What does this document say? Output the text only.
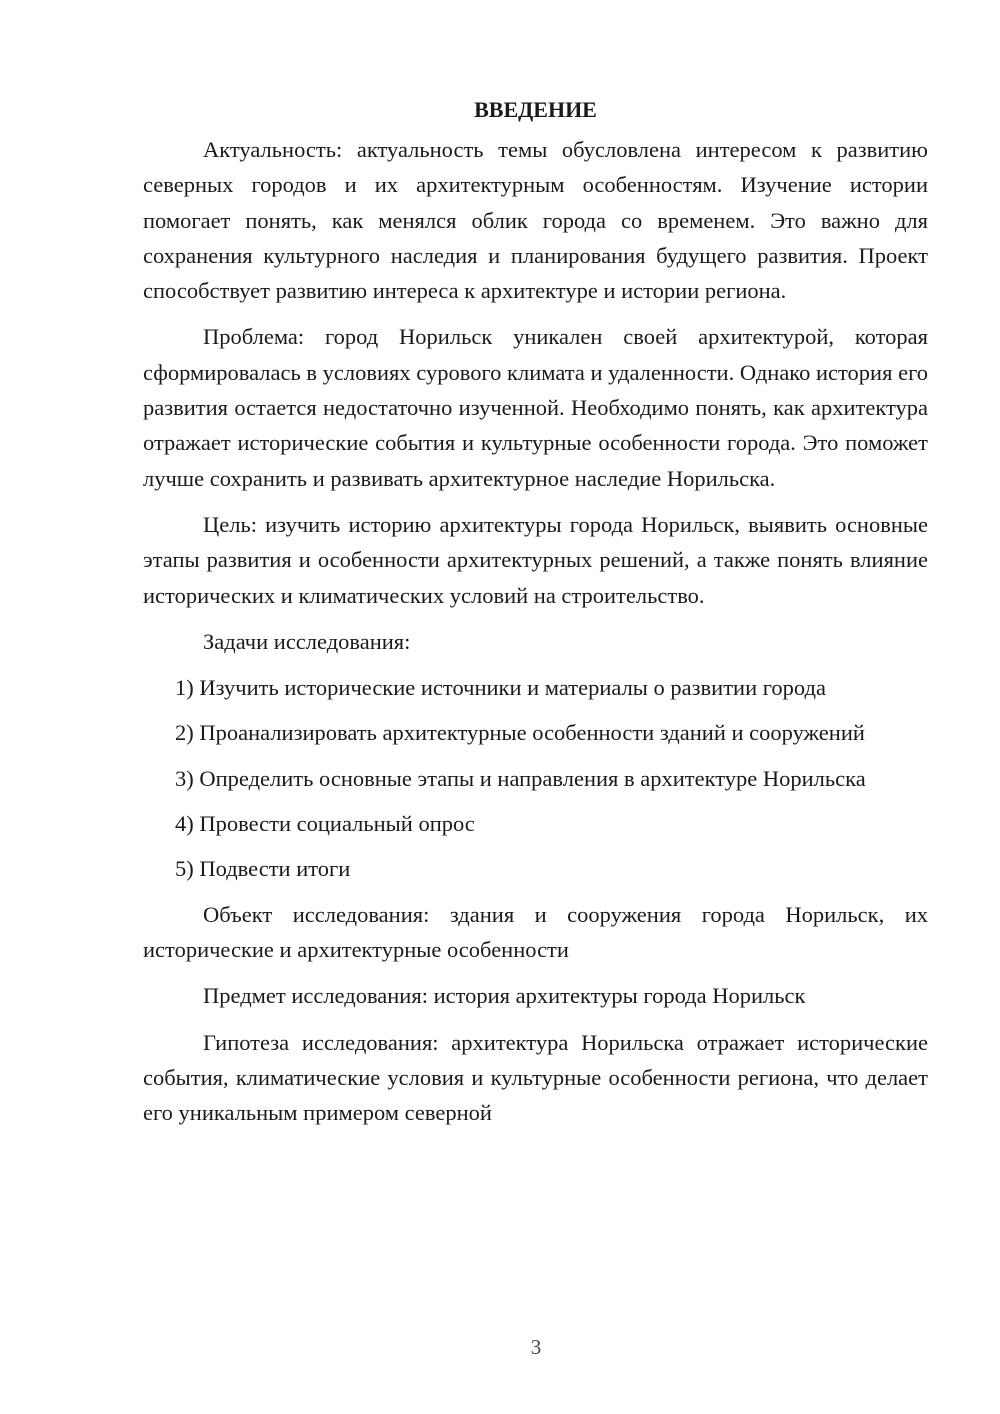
ВВЕДЕНИЕ

Актуальность: актуальность темы обусловлена интересом к развитию северных городов и их архитектурным особенностям. Изучение истории помогает понять, как менялся облик города со временем. Это важно для сохранения культурного наследия и планирования будущего развития. Проект способствует развитию интереса к архитектуре и истории региона.

Проблема: город Норильск уникален своей архитектурой, которая сформировалась в условиях сурового климата и удаленности. Однако история его развития остается недостаточно изученной. Необходимо понять, как архитектура отражает исторические события и культурные особенности города. Это поможет лучше сохранить и развивать архитектурное наследие Норильска.

Цель: изучить историю архитектуры города Норильск, выявить основные этапы развития и особенности архитектурных решений, а также понять влияние исторических и климатических условий на строительство.

Задачи исследования:

1) Изучить исторические источники и материалы о развитии города

2) Проанализировать архитектурные особенности зданий и сооружений

3) Определить основные этапы и направления в архитектуре Норильска

4) Провести социальный опрос

5) Подвести итоги

Объект исследования: здания и сооружения города Норильск, их исторические и архитектурные особенности

Предмет исследования: история архитектуры города Норильск

Гипотеза исследования: архитектура Норильска отражает исторические события, климатические условия и культурные особенности региона, что делает его уникальным примером северной

3
